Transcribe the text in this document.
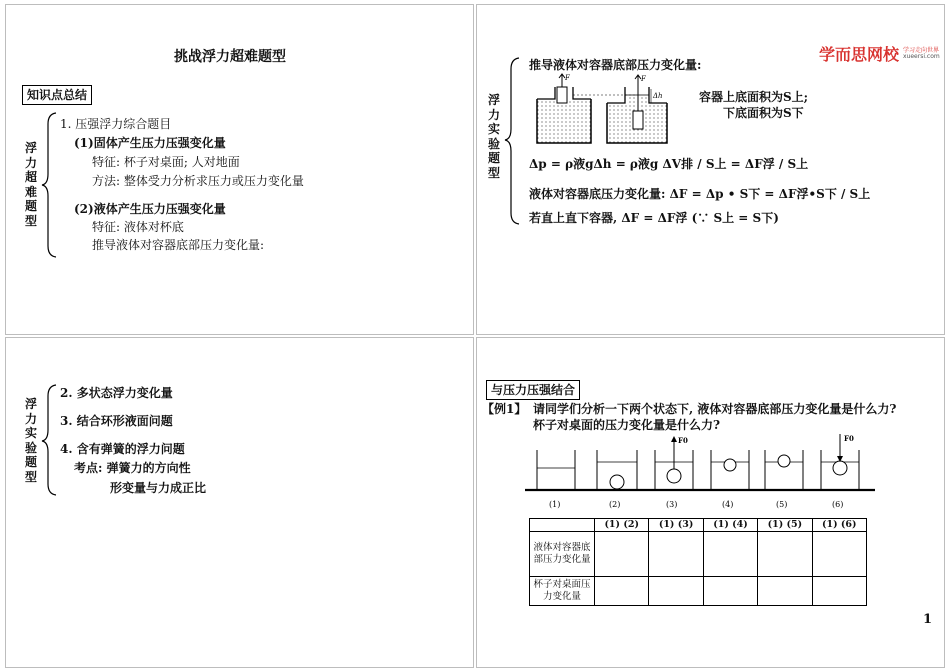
挑战浮力超难题型
知识点总结
浮力超难题型
1. 压强浮力综合题目
(1)固体产生压力压强变化量
特征: 杯子对桌面; 人对地面
方法: 整体受力分析求压力或压力变化量
(2)液体产生压力压强变化量
特征: 液体对杯底
推导液体对容器底部压力变化量:
学而思网校 学习走向世界
xueersi.com
浮力实验题型
推导液体对容器底部压力变化量:
F	F
Δh	容器上底面积为S上;
下底面积为S下
Δp = ρ液gΔh = ρ液g ΔV排 / S上 = ΔF浮 / S上
液体对容器底压力变化量: ΔF = Δp • S下 = ΔF浮•S下 / S上
若直上直下容器, ΔF = ΔF浮 (∵ S上 = S下)
浮力实验题型
2. 多状态浮力变化量
3. 结合环形液面问题
4. 含有弹簧的浮力问题
考点: 弹簧力的方向性
形变量与力成正比
与压力压强结合
【例1】 请同学们分析一下两个状态下, 液体对容器底部压力变化量是什么力?
杯子对桌面的压力变化量是什么力?
F0	F0
(1)	(2)	(3)	(4)	(5)	(6)
	(1) (2)	(1) (3)	(1) (4)	(1) (5)	(1) (6)
液体对容器底部压力变化量					
杯子对桌面压力变化量					
1
